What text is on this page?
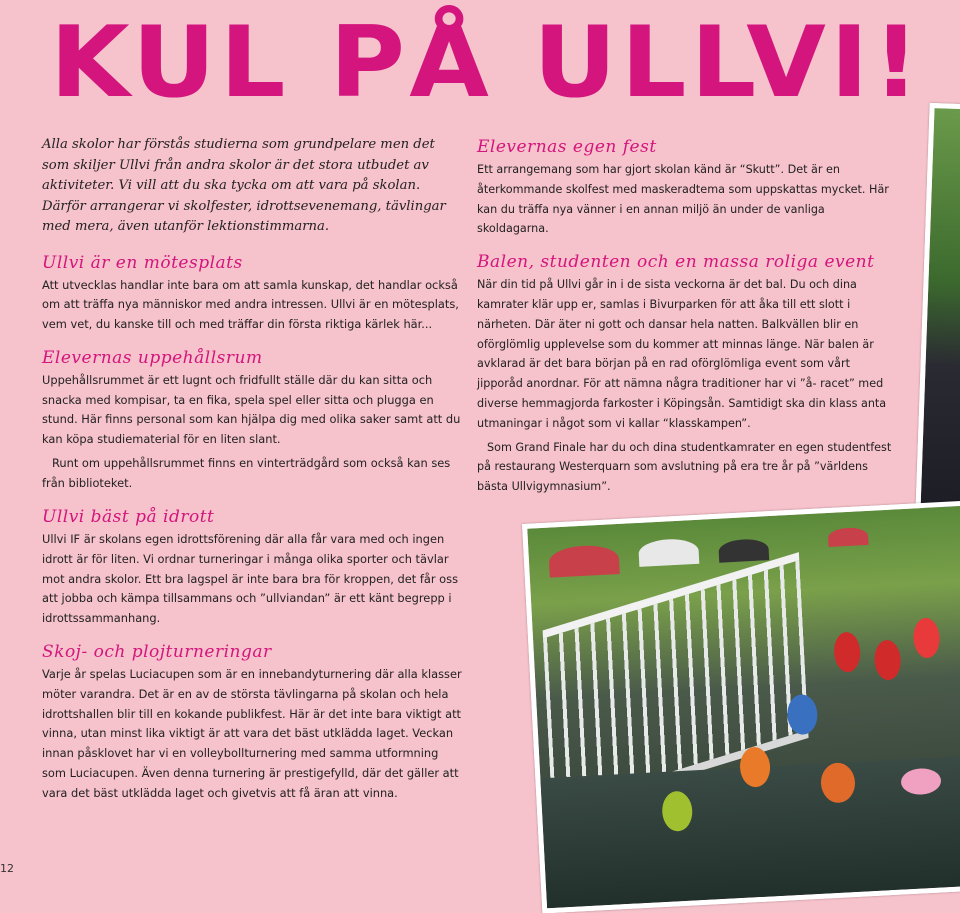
KUL PÅ ULLVI!

Alla skolor har förstås studierna som grundpelare men det som skiljer Ullvi från andra skolor är det stora utbudet av aktiviteter. Vi vill att du ska tycka om att vara på skolan. Därför arrangerar vi skolfester, idrottsevenemang, tävlingar med mera, även utanför lektionstimmarna.

Ullvi är en mötesplats

Att utvecklas handlar inte bara om att samla kunskap, det handlar också om att träffa nya människor med andra intressen. Ullvi är en mötesplats, vem vet, du kanske till och med träffar din första riktiga kärlek här...

Elevernas uppehållsrum

Uppehållsrummet är ett lugnt och fridfullt ställe där du kan sitta och snacka med kompisar, ta en fika, spela spel eller sitta och plugga en stund. Här finns personal som kan hjälpa dig med olika saker samt att du kan köpa studiematerial för en liten slant.

Runt om uppehållsrummet finns en vinterträdgård som också kan ses från biblioteket.

Ullvi bäst på idrott

Ullvi IF är skolans egen idrottsförening där alla får vara med och ingen idrott är för liten. Vi ordnar turneringar i många olika sporter och tävlar mot andra skolor. Ett bra lagspel är inte bara bra för kroppen, det får oss att jobba och kämpa tillsammans och ”ullviandan” är ett känt begrepp i idrottssammanhang.

Skoj- och plojturneringar

Varje år spelas Luciacupen som är en innebandyturnering där alla klasser möter varandra. Det är en av de största tävlingarna på skolan och hela idrottshallen blir till en kokande publikfest. Här är det inte bara viktigt att vinna, utan minst lika viktigt är att vara det bäst utklädda laget. Veckan innan påsklovet har vi en volleybollturnering med samma utformning som Luciacupen. Även denna turnering är prestigefylld, där det gäller att vara det bäst utklädda laget och givetvis att få äran att vinna.

Elevernas egen fest

Ett arrangemang som har gjort skolan känd är “Skutt”. Det är en återkommande skolfest med maskeradtema som uppskattas mycket. Här kan du träffa nya vänner i en annan miljö än under de vanliga skoldagarna.

Balen, studenten och en massa roliga event

När din tid på Ullvi går in i de sista veckorna är det bal. Du och dina kamrater klär upp er, samlas i Bivurparken för att åka till ett slott i närheten. Där äter ni gott och dansar hela natten. Balkvällen blir en oförglömlig upplevelse som du kommer att minnas länge. När balen är avklarad är det bara början på en rad oförglömliga event som vårt jipporåd anordnar. För att nämna några traditioner har vi ”å- racet” med diverse hemmagjorda farkoster i Köpingsån. Samtidigt ska din klass anta utmaningar i något som vi kallar “klasskampen”.

Som Grand Finale har du och dina studentkamrater en egen studentfest på restaurang Westerquarn som avslutning på era tre år på ”världens bästa Ullvigymnasium”.

12
